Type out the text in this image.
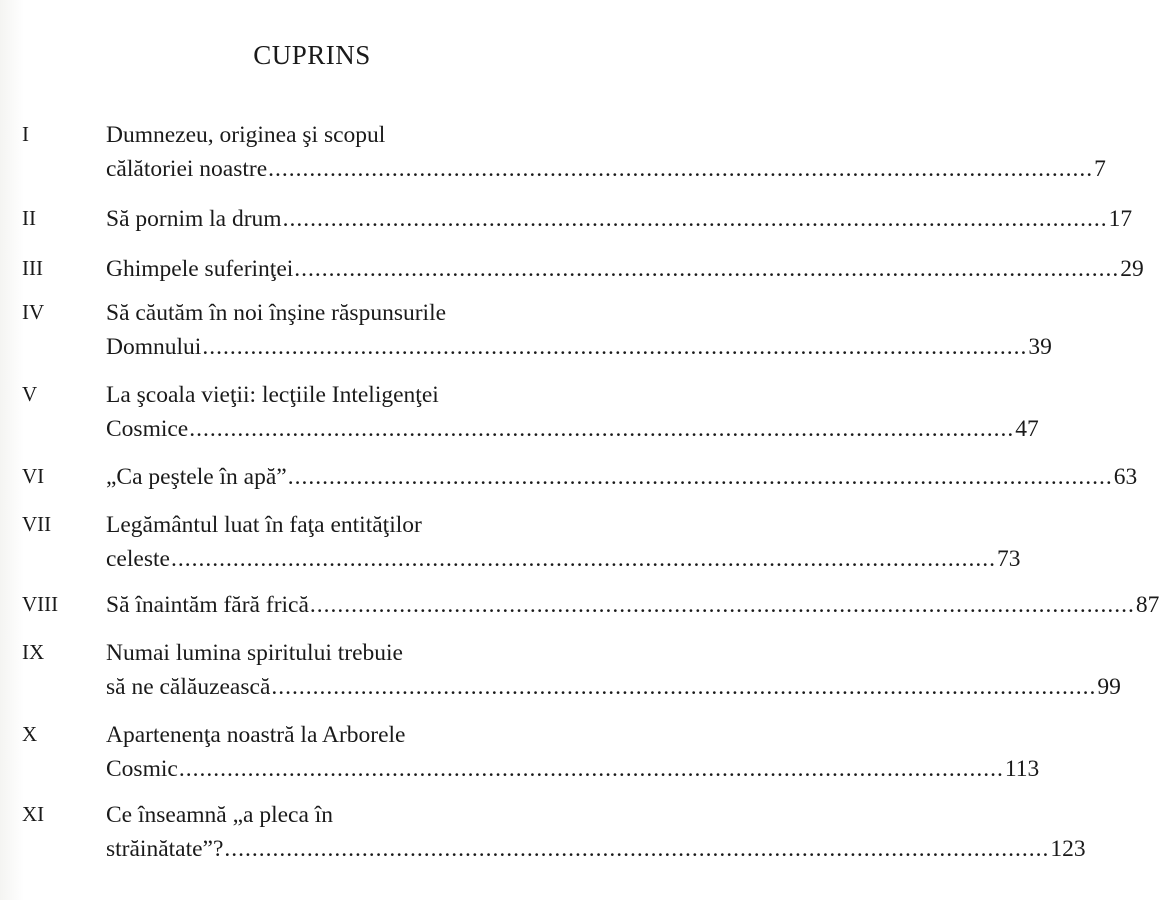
CUPRINS
I	Dumnezeu, originea şi scopul
călătoriei noastre ........................................................................................................................ 7
II	Să pornim la drum ........................................................................................................................ 17
III	Ghimpele suferinţei ........................................................................................................................ 29
IV	Să căutăm în noi înşine răspunsurile
Domnului ........................................................................................................................ 39
V	La şcoala vieţii: lecţiile Inteligenţei
Cosmice ........................................................................................................................ 47
VI	„Ca peştele în apă” ........................................................................................................................ 63
VII	Legământul luat în faţa entităţilor
celeste ........................................................................................................................ 73
VIII	Să înaintăm fără frică ........................................................................................................................ 87
IX	Numai lumina spiritului trebuie
să ne călăuzească ........................................................................................................................ 99
X	Apartenenţa noastră la Arborele
Cosmic ........................................................................................................................ 113
XI	Ce înseamnă „a pleca în
străinătate”? ........................................................................................................................ 123
